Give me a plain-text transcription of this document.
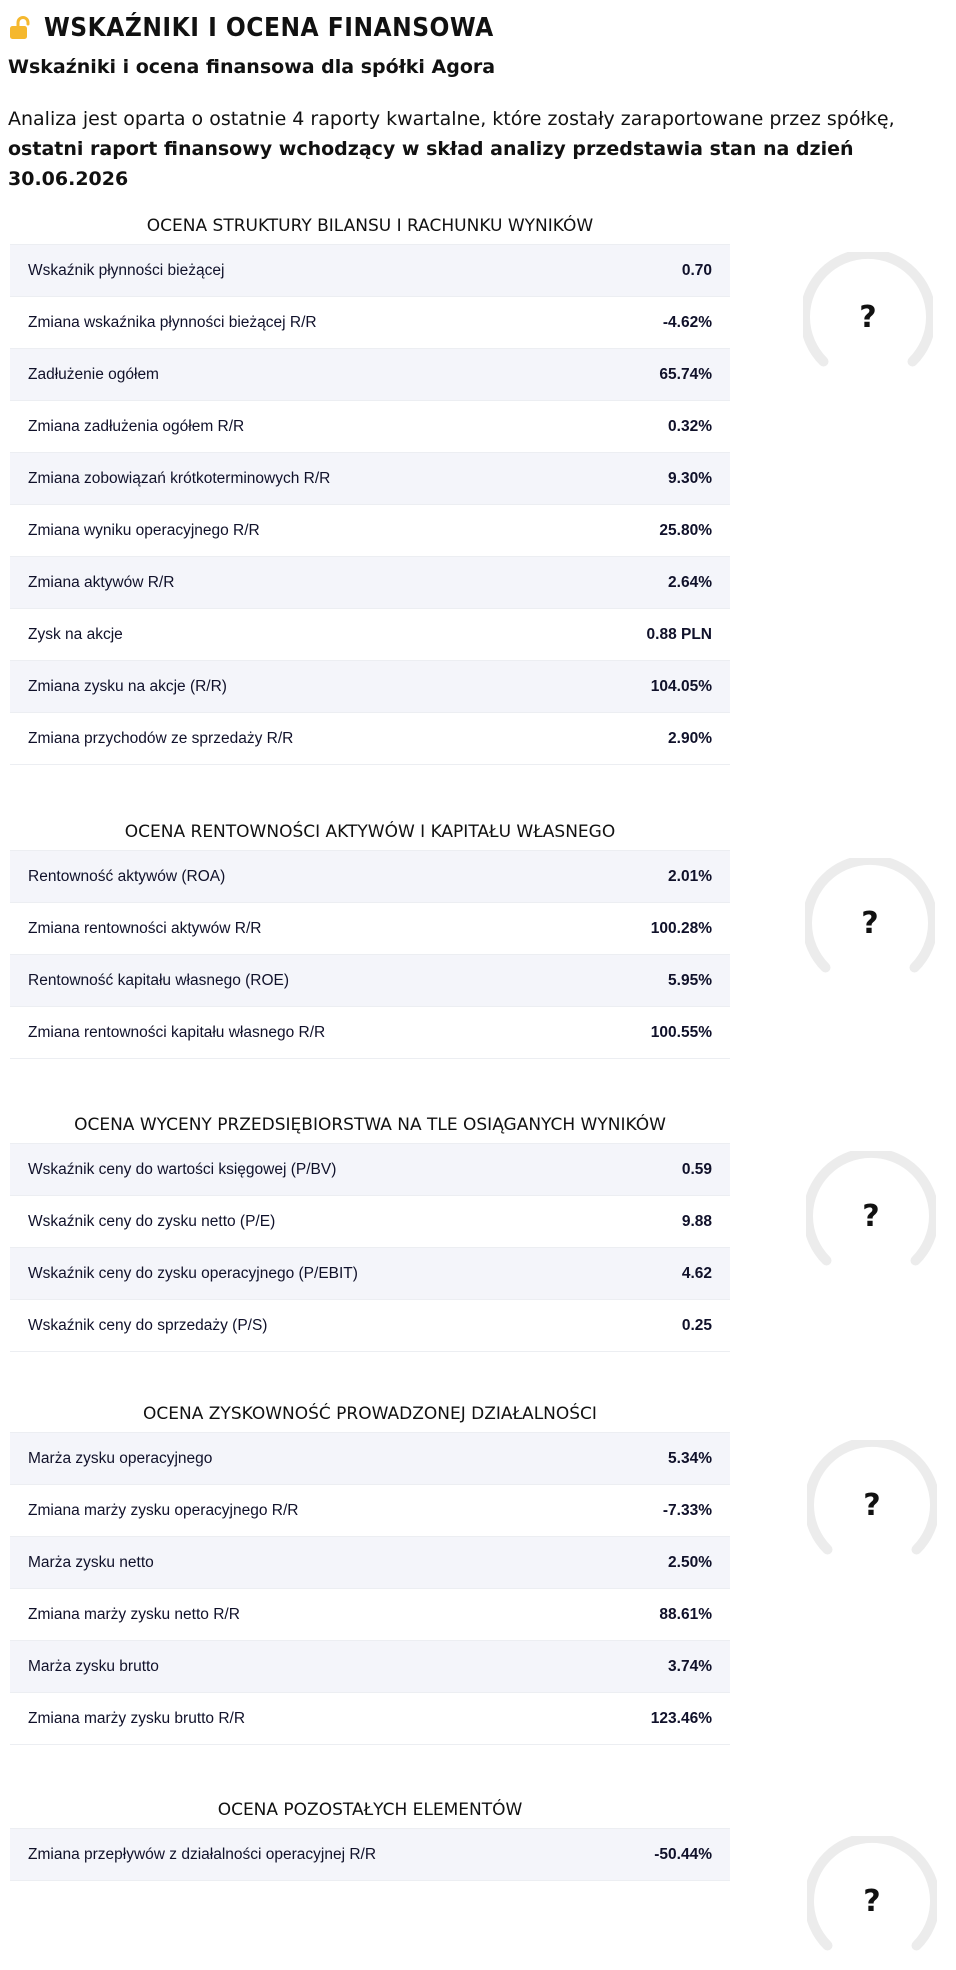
WSKAŹNIKI I OCENA FINANSOWA
Wskaźniki i ocena finansowa dla spółki Agora
Analiza jest oparta o ostatnie 4 raporty kwartalne, które zostały zaraportowane przez spółkę, ostatni raport finansowy wchodzący w skład analizy przedstawia stan na dzień 30.06.2026
OCENA STRUKTURY BILANSU I RACHUNKU WYNIKÓW
Wskaźnik płynności bieżącej	0.70
Zmiana wskaźnika płynności bieżącej R/R	-4.62%
Zadłużenie ogółem	65.74%
Zmiana zadłużenia ogółem R/R	0.32%
Zmiana zobowiązań krótkoterminowych R/R	9.30%
Zmiana wyniku operacyjnego R/R	25.80%
Zmiana aktywów R/R	2.64%
Zysk na akcje	0.88 PLN
Zmiana zysku na akcje (R/R)	104.05%
Zmiana przychodów ze sprzedaży R/R	2.90%
?
OCENA RENTOWNOŚCI AKTYWÓW I KAPITAŁU WŁASNEGO
Rentowność aktywów (ROA)	2.01%
Zmiana rentowności aktywów R/R	100.28%
Rentowność kapitału własnego (ROE)	5.95%
Zmiana rentowności kapitału własnego R/R	100.55%
?
OCENA WYCENY PRZEDSIĘBIORSTWA NA TLE OSIĄGANYCH WYNIKÓW
Wskaźnik ceny do wartości księgowej (P/BV)	0.59
Wskaźnik ceny do zysku netto (P/E)	9.88
Wskaźnik ceny do zysku operacyjnego (P/EBIT)	4.62
Wskaźnik ceny do sprzedaży (P/S)	0.25
?
OCENA ZYSKOWNOŚĆ PROWADZONEJ DZIAŁALNOŚCI
Marża zysku operacyjnego	5.34%
Zmiana marży zysku operacyjnego R/R	-7.33%
Marża zysku netto	2.50%
Zmiana marży zysku netto R/R	88.61%
Marża zysku brutto	3.74%
Zmiana marży zysku brutto R/R	123.46%
?
OCENA POZOSTAŁYCH ELEMENTÓW
Zmiana przepływów z działalności operacyjnej R/R	-50.44%
?
